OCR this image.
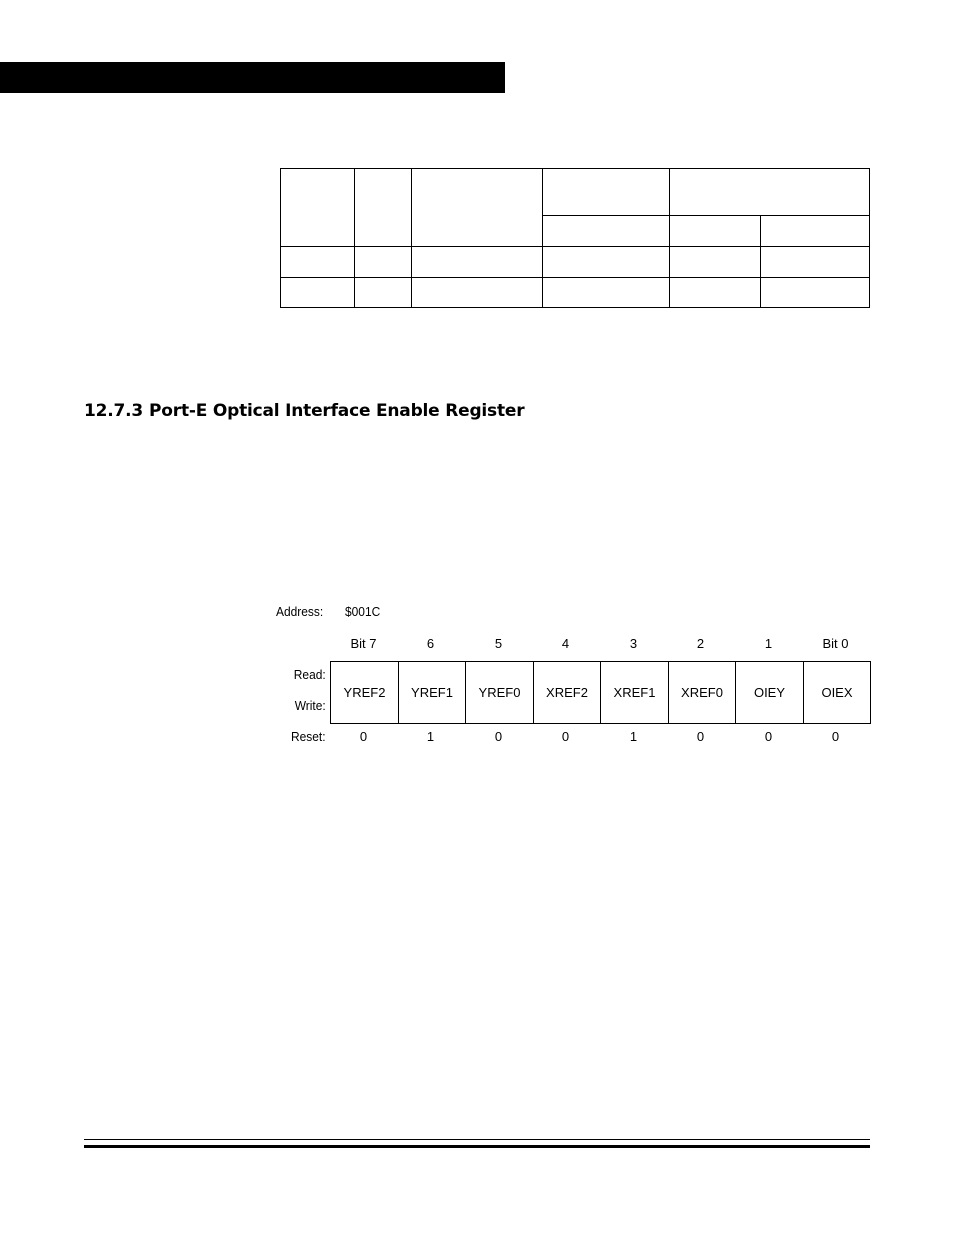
12.7.3 Port-E Optical Interface Enable Register
Address: $001C
Bit 7	6	5	4	3	2	1	Bit 0
Read:
Write:
YREF2	YREF1	YREF0	XREF2	XREF1	XREF0	OIEY	OIEX
Reset:	0	1	0	0	1	0	0	0
